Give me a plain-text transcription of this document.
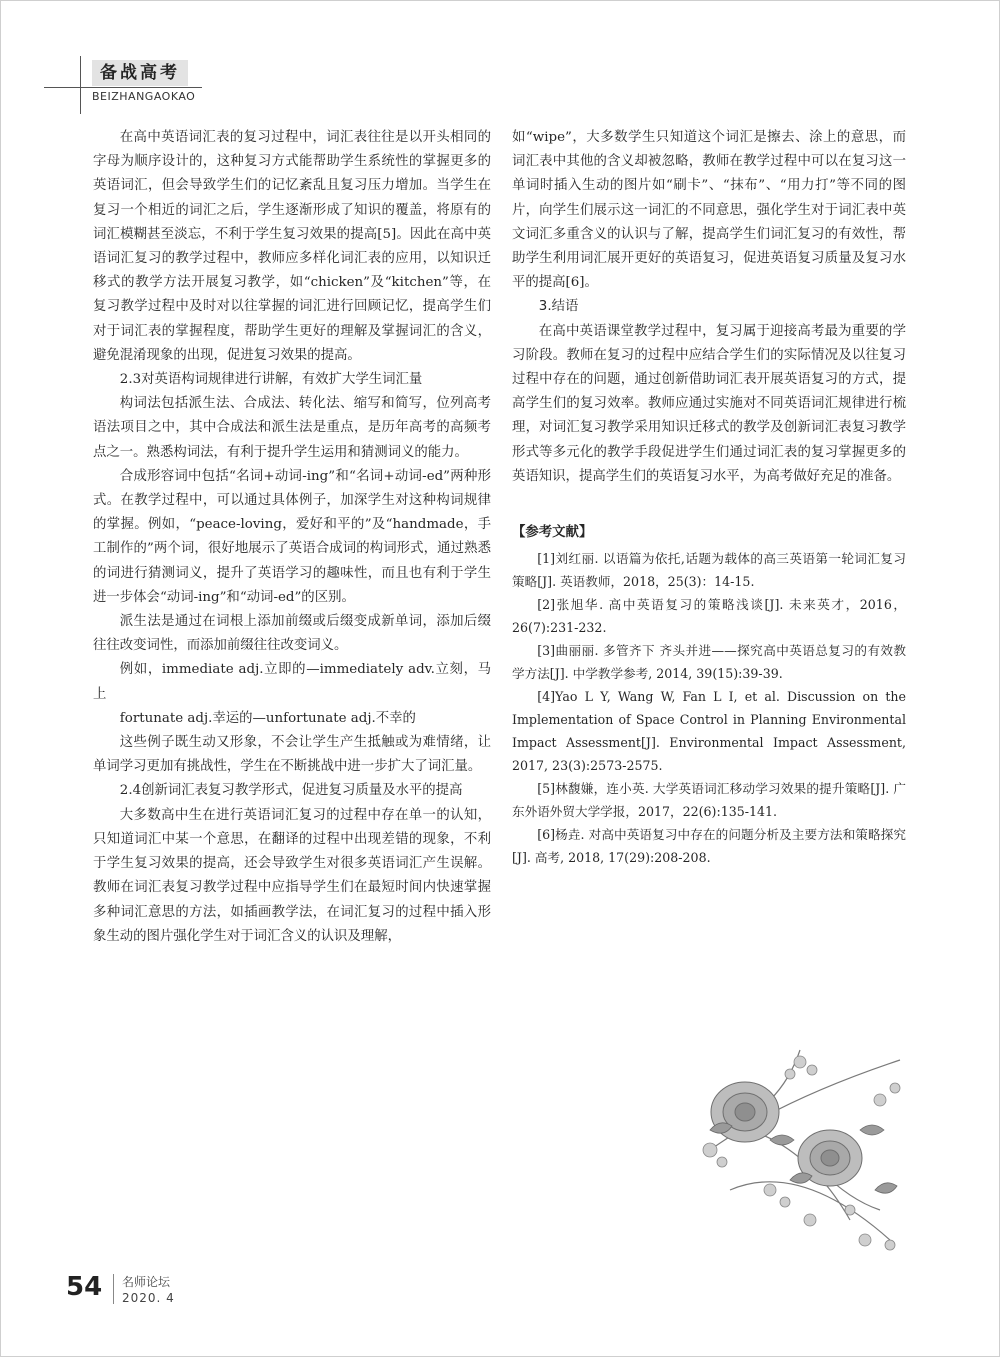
备战高考
BEIZHANGAOKAO

在高中英语词汇表的复习过程中，词汇表往往是以开头相同的字母为顺序设计的，这种复习方式能帮助学生系统性的掌握更多的英语词汇，但会导致学生们的记忆紊乱且复习压力增加。当学生在复习一个相近的词汇之后，学生逐渐形成了知识的覆盖，将原有的词汇模糊甚至淡忘，不利于学生复习效果的提高[5]。因此在高中英语词汇复习的教学过程中，教师应多样化词汇表的应用，以知识迁移式的教学方法开展复习教学，如“chicken”及“kitchen”等，在复习教学过程中及时对以往掌握的词汇进行回顾记忆，提高学生们对于词汇表的掌握程度，帮助学生更好的理解及掌握词汇的含义，避免混淆现象的出现，促进复习效果的提高。

2.3对英语构词规律进行讲解，有效扩大学生词汇量

构词法包括派生法、合成法、转化法、缩写和简写，位列高考语法项目之中，其中合成法和派生法是重点，是历年高考的高频考点之一。熟悉构词法，有利于提升学生运用和猜测词义的能力。

合成形容词中包括“名词+动词-ing”和“名词+动词-ed”两种形式。在教学过程中，可以通过具体例子，加深学生对这种构词规律的掌握。例如，“peace-loving，爱好和平的”及“handmade，手工制作的”两个词，很好地展示了英语合成词的构词形式，通过熟悉的词进行猜测词义，提升了英语学习的趣味性，而且也有利于学生进一步体会“动词-ing”和“动词-ed”的区别。

派生法是通过在词根上添加前缀或后缀变成新单词，添加后缀往往改变词性，而添加前缀往往改变词义。

例如，immediate adj.立即的—immediately adv.立刻，马上

fortunate adj.幸运的—unfortunate adj.不幸的

这些例子既生动又形象，不会让学生产生抵触或为难情绪，让单词学习更加有挑战性，学生在不断挑战中进一步扩大了词汇量。

2.4创新词汇表复习教学形式，促进复习质量及水平的提高

大多数高中生在进行英语词汇复习的过程中存在单一的认知，只知道词汇中某一个意思，在翻译的过程中出现差错的现象，不利于学生复习效果的提高，还会导致学生对很多英语词汇产生误解。教师在词汇表复习教学过程中应指导学生们在最短时间内快速掌握多种词汇意思的方法，如插画教学法，在词汇复习的过程中插入形象生动的图片强化学生对于词汇含义的认识及理解，

如“wipe”，大多数学生只知道这个词汇是擦去、涂上的意思，而词汇表中其他的含义却被忽略，教师在教学过程中可以在复习这一单词时插入生动的图片如“刷卡”、“抹布”、“用力打”等不同的图片，向学生们展示这一词汇的不同意思，强化学生对于词汇表中英文词汇多重含义的认识与了解，提高学生们词汇复习的有效性，帮助学生利用词汇展开更好的英语复习，促进英语复习质量及复习水平的提高[6]。

3.结语

在高中英语课堂教学过程中，复习属于迎接高考最为重要的学习阶段。教师在复习的过程中应结合学生们的实际情况及以往复习过程中存在的问题，通过创新借助词汇表开展英语复习的方式，提高学生们的复习效率。教师应通过实施对不同英语词汇规律进行梳理，对词汇复习教学采用知识迁移式的教学及创新词汇表复习教学形式等多元化的教学手段促进学生们通过词汇表的复习掌握更多的英语知识，提高学生们的英语复习水平，为高考做好充足的准备。

【参考文献】

[1]刘红丽. 以语篇为依托,话题为载体的高三英语第一轮词汇复习策略[J]. 英语教师，2018，25(3)：14-15.

[2]张旭华. 高中英语复习的策略浅谈[J]. 未来英才，2016，26(7):231-232.

[3]曲丽丽. 多管齐下 齐头并进——探究高中英语总复习的有效教学方法[J]. 中学教学参考, 2014, 39(15):39-39.

[4]Yao L Y, Wang W, Fan L I, et al. Discussion on the Implementation of Space Control in Planning Environmental Impact Assessment[J]. Environmental Impact Assessment, 2017, 23(3):2573-2575.

[5]林馥嫌，连小英. 大学英语词汇移动学习效果的提升策略[J]. 广东外语外贸大学学报，2017，22(6):135-141.

[6]杨垚. 对高中英语复习中存在的问题分析及主要方法和策略探究[J]. 高考, 2018, 17(29):208-208.

54 名师论坛
2020. 4
